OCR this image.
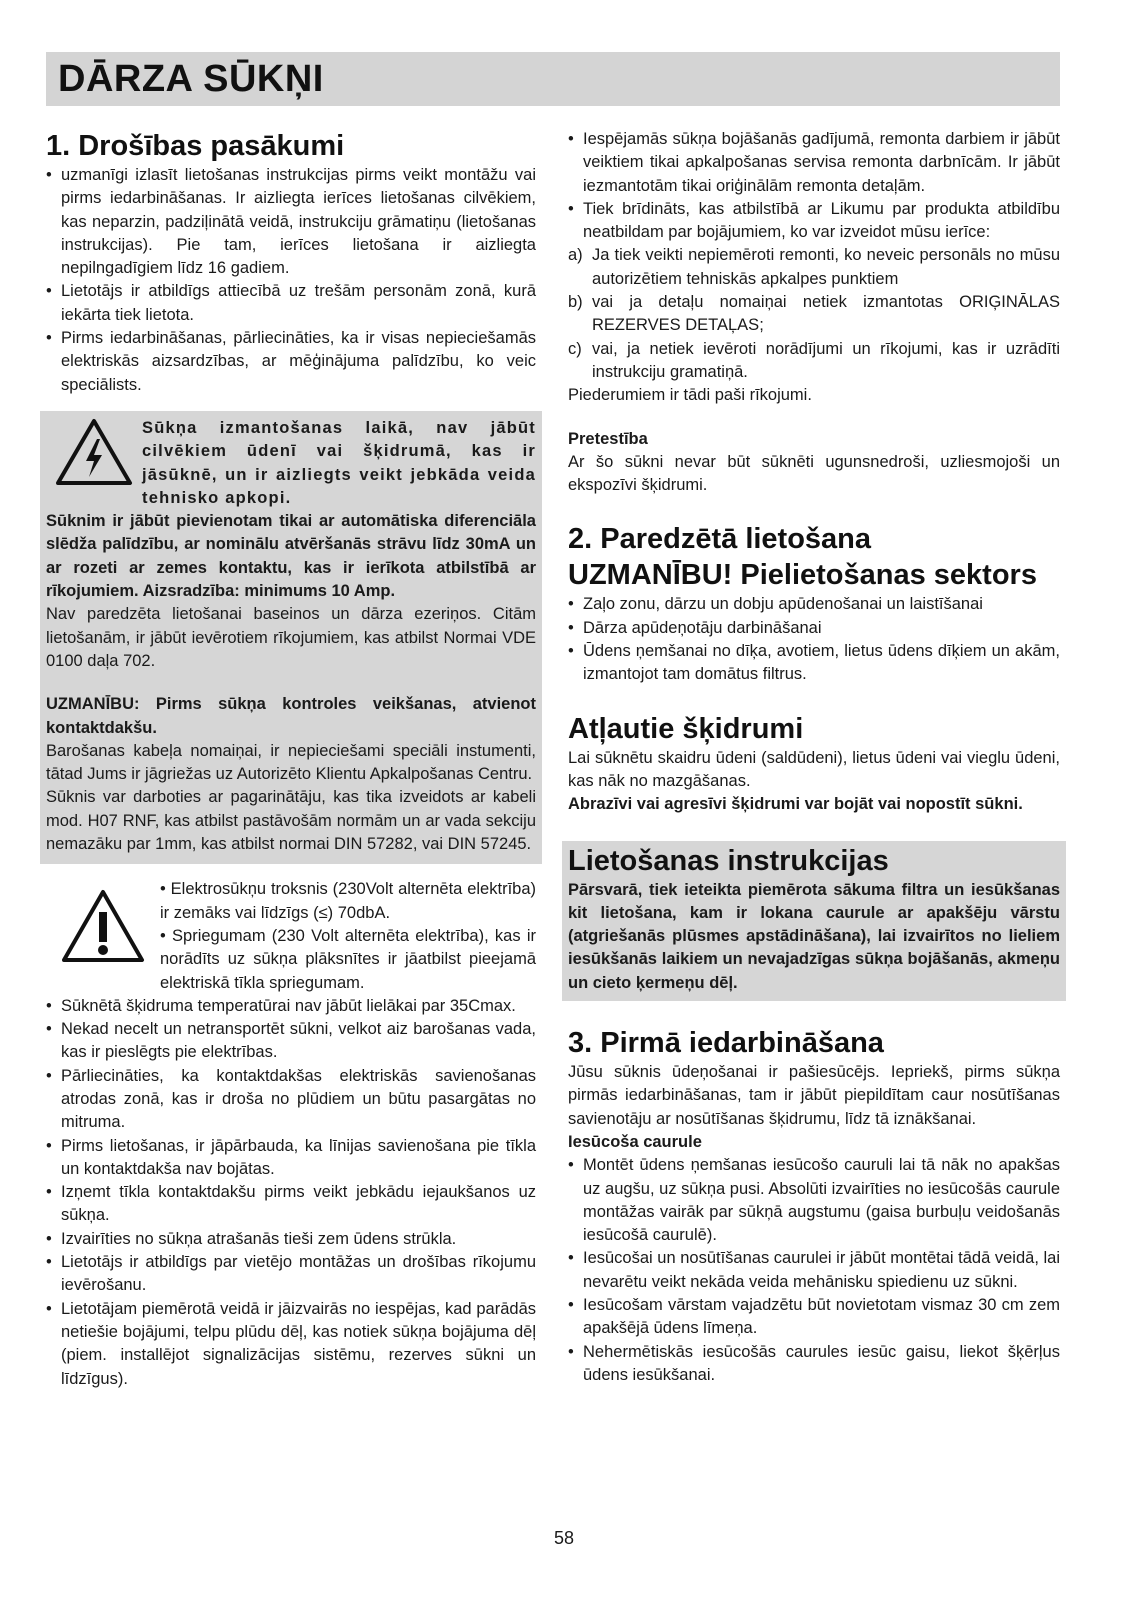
DĀRZA SŪKŅI
1. Drošības pasākumi
• uzmanīgi izlasīt lietošanas instrukcijas pirms veikt montāžu vai pirms iedarbināšanas. Ir aizliegta ierīces lietošanas cilvēkiem, kas neparzin, padziļinātā veidā, instrukciju grāmatiņu (lietošanas instrukcijas). Pie tam, ierīces lietošana ir aizliegta nepilngadīgiem līdz 16 gadiem.
• Lietotājs ir atbildīgs attiecībā uz trešām personām zonā, kurā iekārta tiek lietota.
• Pirms iedarbināšanas, pārliecināties, ka ir visas nepieciešamās elektriskās aizsardzības, ar mēģinājuma palīdzību, ko veic speciālists.

Sūkņa izmantošanas laikā, nav jābūt cilvēkiem ūdenī vai šķidrumā, kas ir jāsūknē, un ir aizliegts veikt jebkāda veida tehnisko apkopi.

Sūknim ir jābūt pievienotam tikai ar automātiska diferenciāla slēdža palīdzību, ar nominālu atvēršanās strāvu līdz 30mA un ar rozeti ar zemes kontaktu, kas ir ierīkota atbilstībā ar rīkojumiem. Aizsradzība: minimums 10 Amp.

Nav paredzēta lietošanai baseinos un dārza ezeriņos. Citām lietošanām, ir jābūt ievērotiem rīkojumiem, kas atbilst Normai VDE 0100 daļa 702.

UZMANĪBU: Pirms sūkņa kontroles veikšanas, atvienot kontaktdakšu.

Barošanas kabeļa nomaiņai, ir nepieciešami speciāli instumenti, tātad Jums ir jāgriežas uz Autorizēto Klientu Apkalpošanas Centru.

Sūknis var darboties ar pagarinātāju, kas tika izveidots ar kabeli mod. H07 RNF, kas atbilst pastāvošām normām un ar vada sekciju nemazāku par 1mm, kas atbilst normai DIN 57282, vai DIN 57245.

• Elektrosūkņu troksnis (230Volt alternēta elektrība) ir zemāks vai līdzīgs (≤) 70dbA.

• Spriegumam (230 Volt alternēta elektrība), kas ir norādīts uz sūkņa plāksnītes ir jāatbilst pieejamā elektriskā tīkla spriegumam.

• Sūknētā šķidruma temperatūrai nav jābūt lielākai par 35Cmax.
• Nekad necelt un netransportēt sūkni, velkot aiz barošanas vada, kas ir pieslēgts pie elektrības.
• Pārliecināties, ka kontaktdakšas elektriskās savienošanas atrodas zonā, kas ir droša no plūdiem un būtu pasargātas no mitruma.
• Pirms lietošanas, ir jāpārbauda, ka līnijas savienošana pie tīkla un kontaktdakša nav bojātas.
• Izņemt tīkla kontaktdakšu pirms veikt jebkādu iejaukšanos uz sūkņa.
• Izvairīties no sūkņa atrašanās tieši zem ūdens strūkla.
• Lietotājs ir atbildīgs par vietējo montāžas un drošības rīkojumu ievērošanu.
• Lietotājam piemērotā veidā ir jāizvairās no iespējas, kad parādās netiešie bojājumi, telpu plūdu dēļ, kas notiek sūkņa bojājuma dēļ (piem. installējot signalizācijas sistēmu, rezerves sūkni un līdzīgus).
• Iespējamās sūkņa bojāšanās gadījumā, remonta darbiem ir jābūt veiktiem tikai apkalpošanas servisa remonta darbnīcām. Ir jābūt iezmantotām tikai oriģinālām remonta detaļām.
• Tiek brīdināts, kas atbilstībā ar Likumu par produkta atbildību neatbildam par bojājumiem, ko var izveidot mūsu ierīce:
a) Ja tiek veikti nepiemēroti remonti, ko neveic personāls no mūsu autorizētiem tehniskās apkalpes punktiem
b) vai ja detaļu nomaiņai netiek izmantotas ORIĢINĀLAS REZERVES DETAĻAS;
c) vai, ja netiek ievēroti norādījumi un rīkojumi, kas ir uzrādīti instrukciju gramatiņā.

Piederumiem ir tādi paši rīkojumi.

Pretestība

Ar šo sūkni nevar būt sūknēti ugunsnedroši, uzliesmojoši un ekspozīvi šķidrumi.

2. Paredzētā lietošana
UZMANĪBU! Pielietošanas sektors
• Zaļo zonu, dārzu un dobju apūdenošanai un laistīšanai
• Dārza apūdeņotāju darbināšanai
• Ūdens ņemšanai no dīķa, avotiem, lietus ūdens dīķiem un akām, izmantojot tam domātus filtrus.
Atļautie šķidrumi

Lai sūknētu skaidru ūdeni (saldūdeni), lietus ūdeni vai vieglu ūdeni, kas nāk no mazgāšanas.

Abrazīvi vai agresīvi šķidrumi var bojāt vai nopostīt sūkni.

Lietošanas instrukcijas

Pārsvarā, tiek ieteikta piemērota sākuma filtra un iesūkšanas kit lietošana, kam ir lokana caurule ar apakšēju vārstu (atgriešanās plūsmes apstādināšana), lai izvairītos no lieliem iesūkšanās laikiem un nevajadzīgas sūkņa bojāšanās, akmeņu un cieto ķermeņu dēļ.

3. Pirmā iedarbināšana

Jūsu sūknis ūdeņošanai ir pašiesūcējs. Iepriekš, pirms sūkņa pirmās iedarbināšanas, tam ir jābūt piepildītam caur nosūtīšanas savienotāju ar nosūtīšanas šķidrumu, līdz tā iznākšanai.

Iesūcoša caurule

• Montēt ūdens ņemšanas iesūcošo cauruli lai tā nāk no apakšas uz augšu, uz sūkņa pusi. Absolūti izvairīties no iesūcošās caurule montāžas vairāk par sūkņā augstumu (gaisa burbuļu veidošanās iesūcošā caurulē).
• Iesūcošai un nosūtīšanas caurulei ir jābūt montētai tādā veidā, lai nevarētu veikt nekāda veida mehānisku spiedienu uz sūkni.
• Iesūcošam vārstam vajadzētu būt novietotam vismaz 30 cm zem apakšējā ūdens līmeņa.
• Nehermētiskās iesūcošās caurules iesūc gaisu, liekot šķērļus ūdens iesūkšanai.
58
